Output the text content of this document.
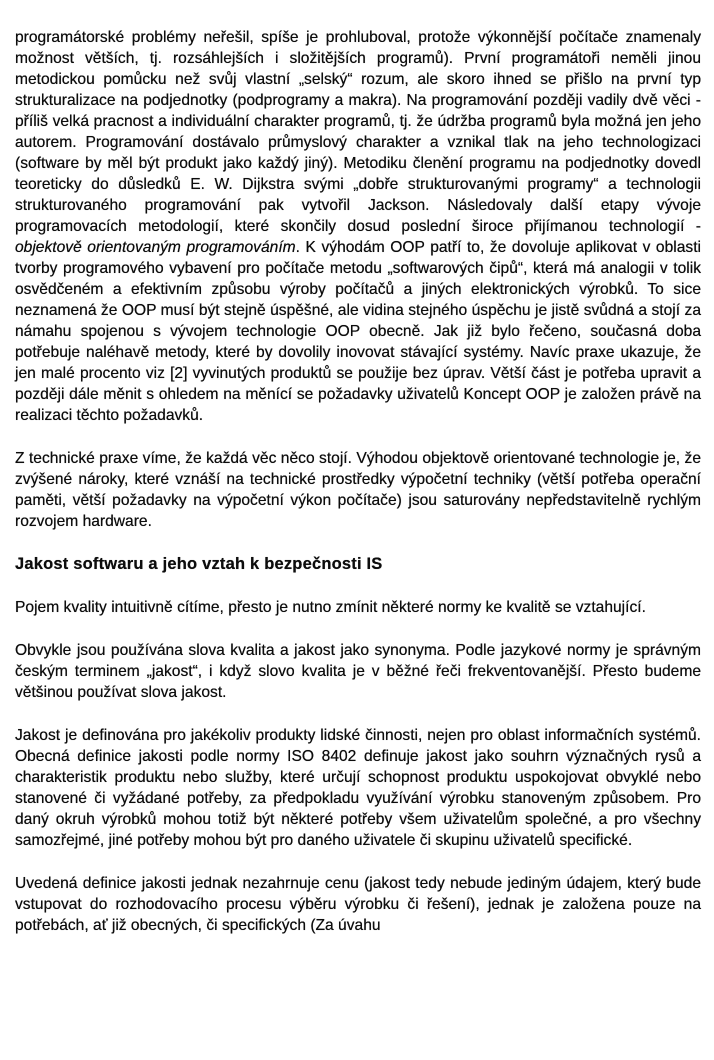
programátorské problémy neřešil, spíše je prohluboval, protože výkonnější počítače znamenaly možnost větších, tj. rozsáhlejších i složitějších programů). První programátoři neměli jinou metodickou pomůcku než svůj vlastní „selský“ rozum, ale skoro ihned se přišlo na první typ strukturalizace na podjednotky (podprogramy a makra). Na programování později vadily dvě věci - příliš velká pracnost a individuální charakter programů, tj. že údržba programů byla možná jen jeho autorem. Programování dostávalo průmyslový charakter a vznikal tlak na jeho technologizaci (software by měl být produkt jako každý jiný). Metodiku členění programu na podjednotky dovedl teoreticky do důsledků E. W. Dijkstra svými „dobře strukturovanými programy“ a technologii strukturovaného programování pak vytvořil Jackson. Následovaly další etapy vývoje programovacích metodologií, které skončily dosud poslední široce přijímanou technologií - objektově orientovaným programováním. K výhodám OOP patří to, že dovoluje aplikovat v oblasti tvorby programového vybavení pro počítače metodu „softwarových čipů“, která má analogii v tolik osvědčeném a efektivním způsobu výroby počítačů a jiných elektronických výrobků. To sice neznamená že OOP musí být stejně úspěšné, ale vidina stejného úspěchu je jistě svůdná a stojí za námahu spojenou s vývojem technologie OOP obecně. Jak již bylo řečeno, současná doba potřebuje naléhavě metody, které by dovolily inovovat stávající systémy. Navíc praxe ukazuje, že jen malé procento viz [2] vyvinutých produktů se použije bez úprav. Větší část je potřeba upravit a později dále měnit s ohledem na měnící se požadavky uživatelů Koncept OOP je založen právě na realizaci těchto požadavků.

Z technické praxe víme, že každá věc něco stojí. Výhodou objektově orientované technologie je, že zvýšené nároky, které vznáší na technické prostředky výpočetní techniky (větší potřeba operační paměti, větší požadavky na výpočetní výkon počítače) jsou saturovány nepředstavitelně rychlým rozvojem hardware.

Jakost softwaru a jeho vztah k bezpečnosti IS

Pojem kvality intuitivně cítíme, přesto je nutno zmínit některé normy ke kvalitě se vztahující.

Obvykle jsou používána slova kvalita a jakost jako synonyma. Podle jazykové normy je správným českým terminem „jakost“, i když slovo kvalita je v běžné řeči frekventovanější. Přesto budeme většinou používat slova jakost.

Jakost je definována pro jakékoliv produkty lidské činnosti, nejen pro oblast informačních systémů. Obecná definice jakosti podle normy ISO 8402 definuje jakost jako souhrn význačných rysů a charakteristik produktu nebo služby, které určují schopnost produktu uspokojovat obvyklé nebo stanovené či vyžádané potřeby, za předpokladu využívání výrobku stanoveným způsobem. Pro daný okruh výrobků mohou totiž být některé potřeby všem uživatelům společné, a pro všechny samozřejmé, jiné potřeby mohou být pro daného uživatele či skupinu uživatelů specifické.

Uvedená definice jakosti jednak nezahrnuje cenu (jakost tedy nebude jediným údajem, který bude vstupovat do rozhodovacího procesu výběru výrobku či řešení), jednak je založena pouze na potřebách, ať již obecných, či specifických (Za úvahu
